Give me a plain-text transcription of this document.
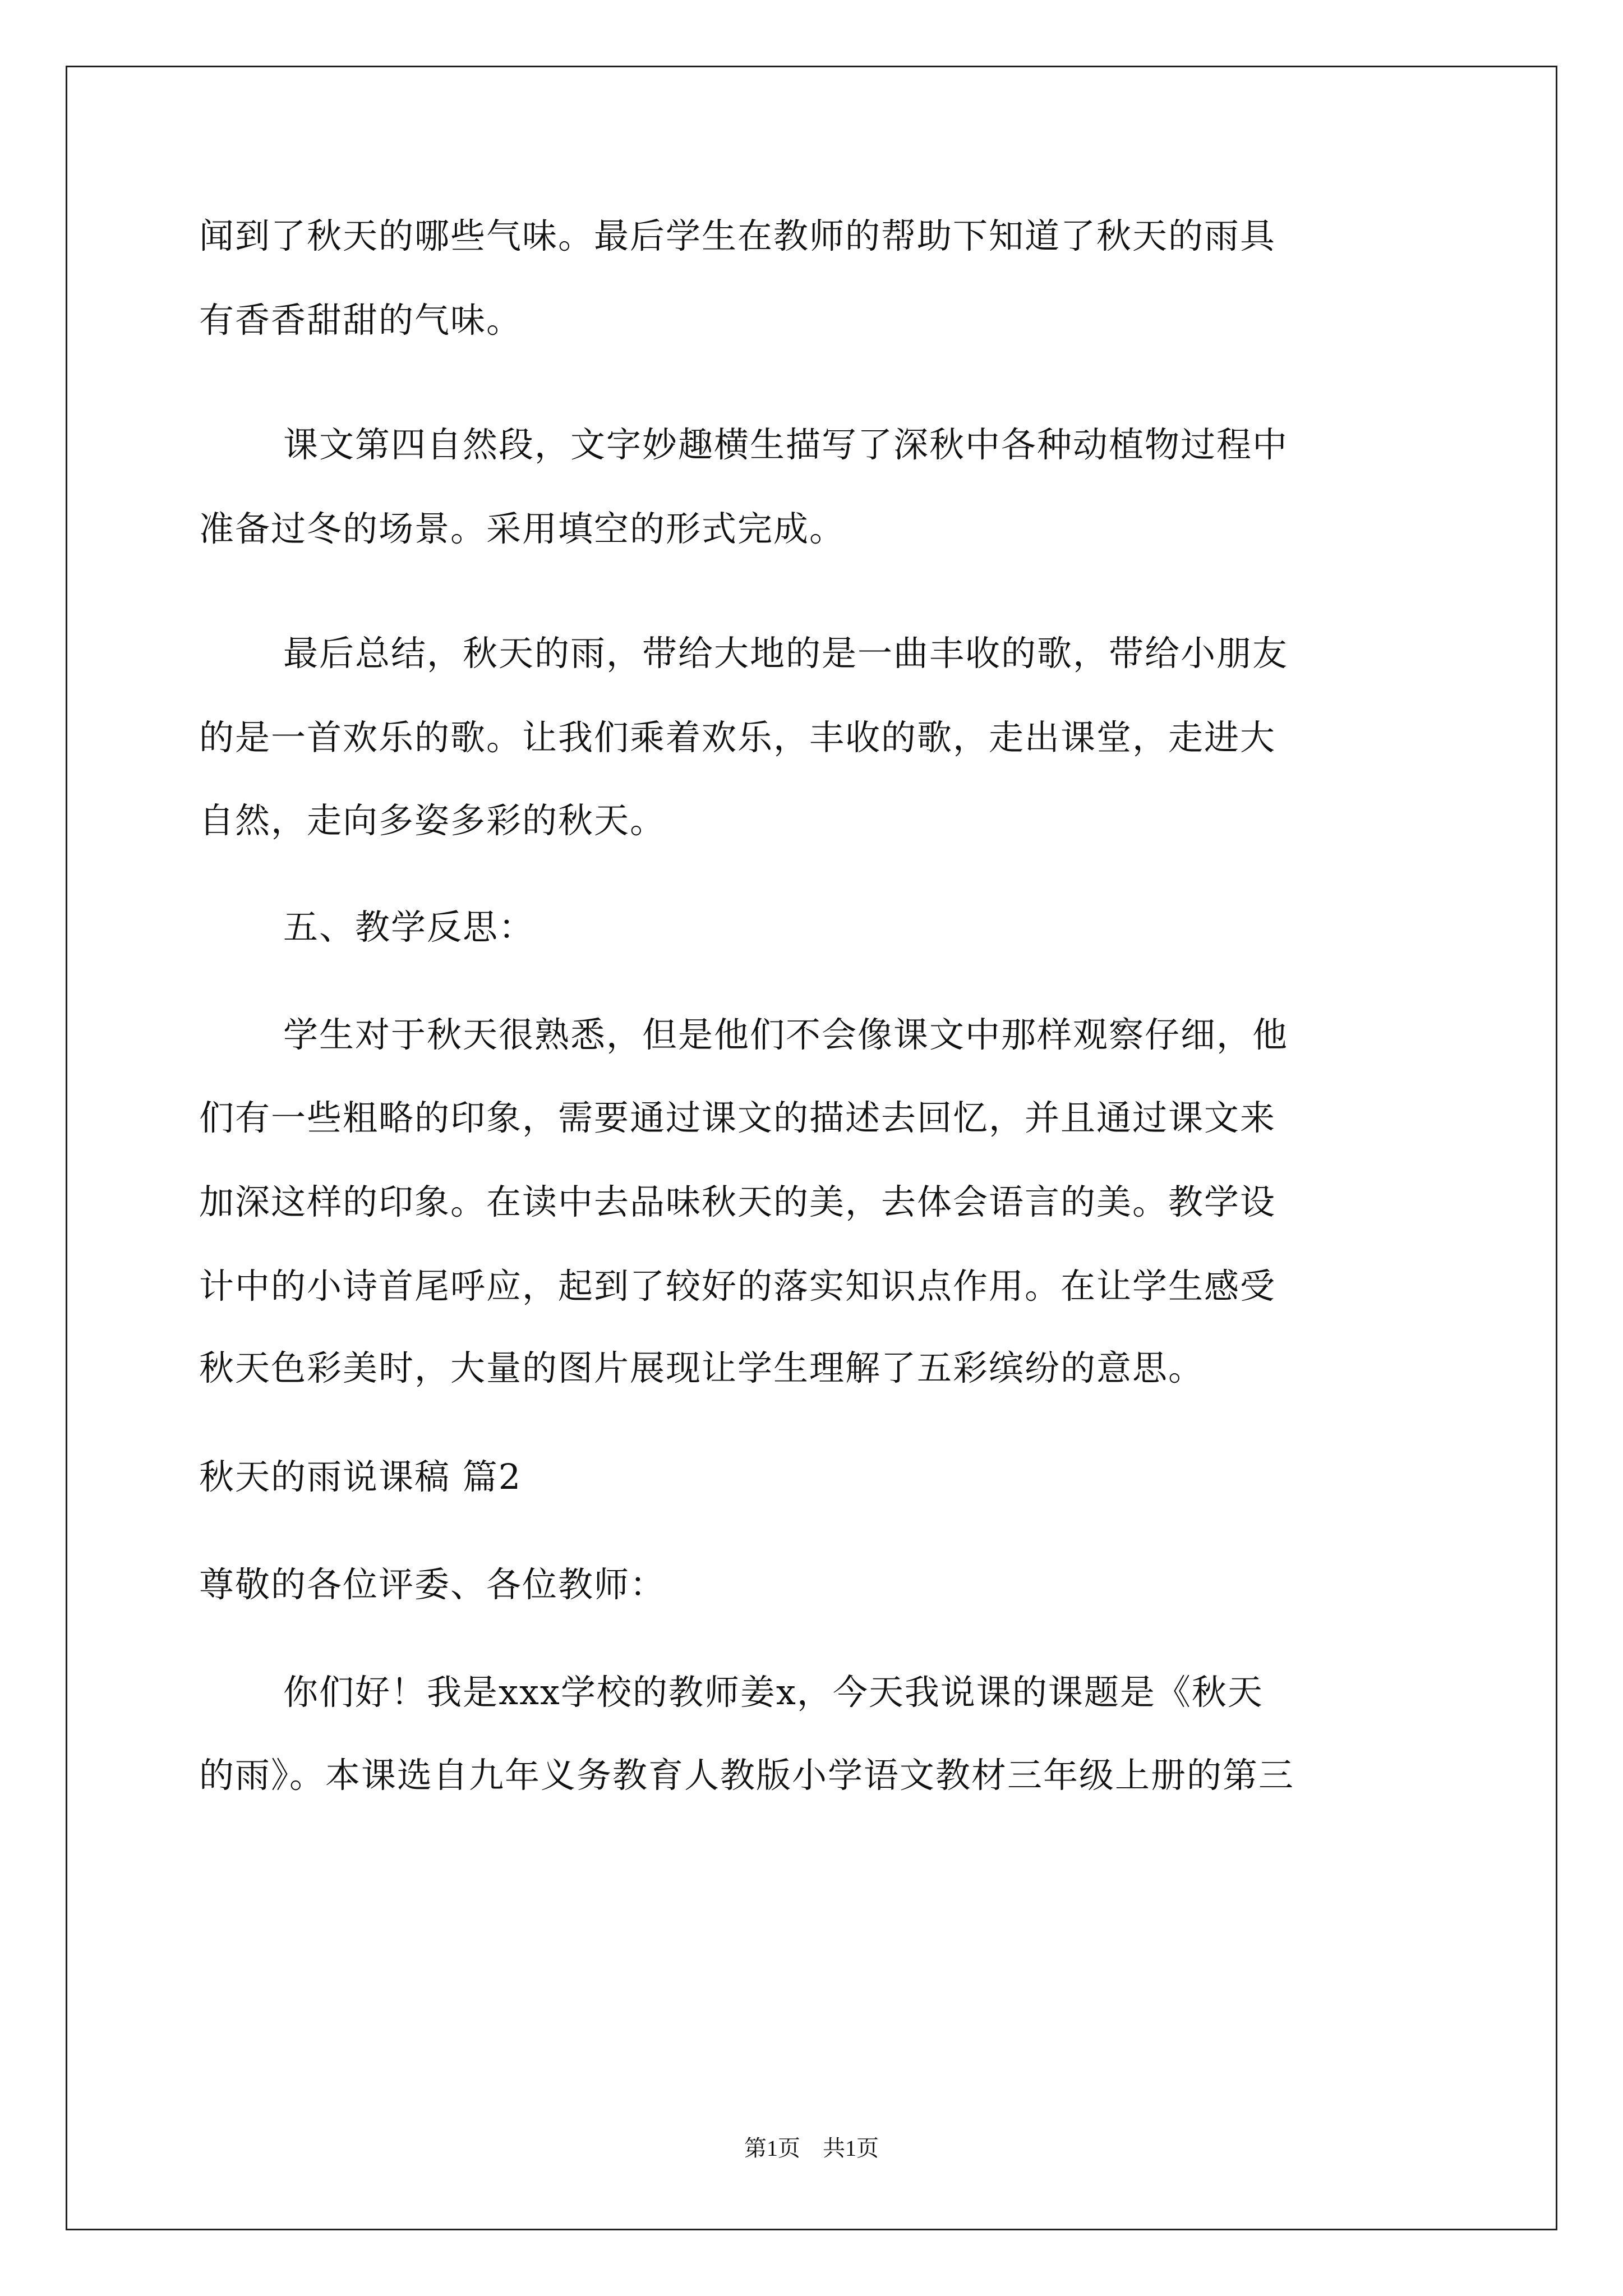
闻到了秋天的哪些气味。最后学生在教师的帮助下知道了秋天的雨具
有香香甜甜的气味。
课文第四自然段，文字妙趣横生描写了深秋中各种动植物过程中
准备过冬的场景。采用填空的形式完成。
最后总结，秋天的雨，带给大地的是一曲丰收的歌，带给小朋友
的是一首欢乐的歌。让我们乘着欢乐，丰收的歌，走出课堂，走进大
自然，走向多姿多彩的秋天。
五、教学反思：
学生对于秋天很熟悉，但是他们不会像课文中那样观察仔细，他
们有一些粗略的印象，需要通过课文的描述去回忆，并且通过课文来
加深这样的印象。在读中去品味秋天的美，去体会语言的美。教学设
计中的小诗首尾呼应，起到了较好的落实知识点作用。在让学生感受
秋天色彩美时，大量的图片展现让学生理解了五彩缤纷的意思。
秋天的雨说课稿 篇2
尊敬的各位评委、各位教师：
你们好！我是xxx学校的教师姜x，今天我说课的课题是《秋天
的雨》。本课选自九年义务教育人教版小学语文教材三年级上册的第三
第1页　共1页
